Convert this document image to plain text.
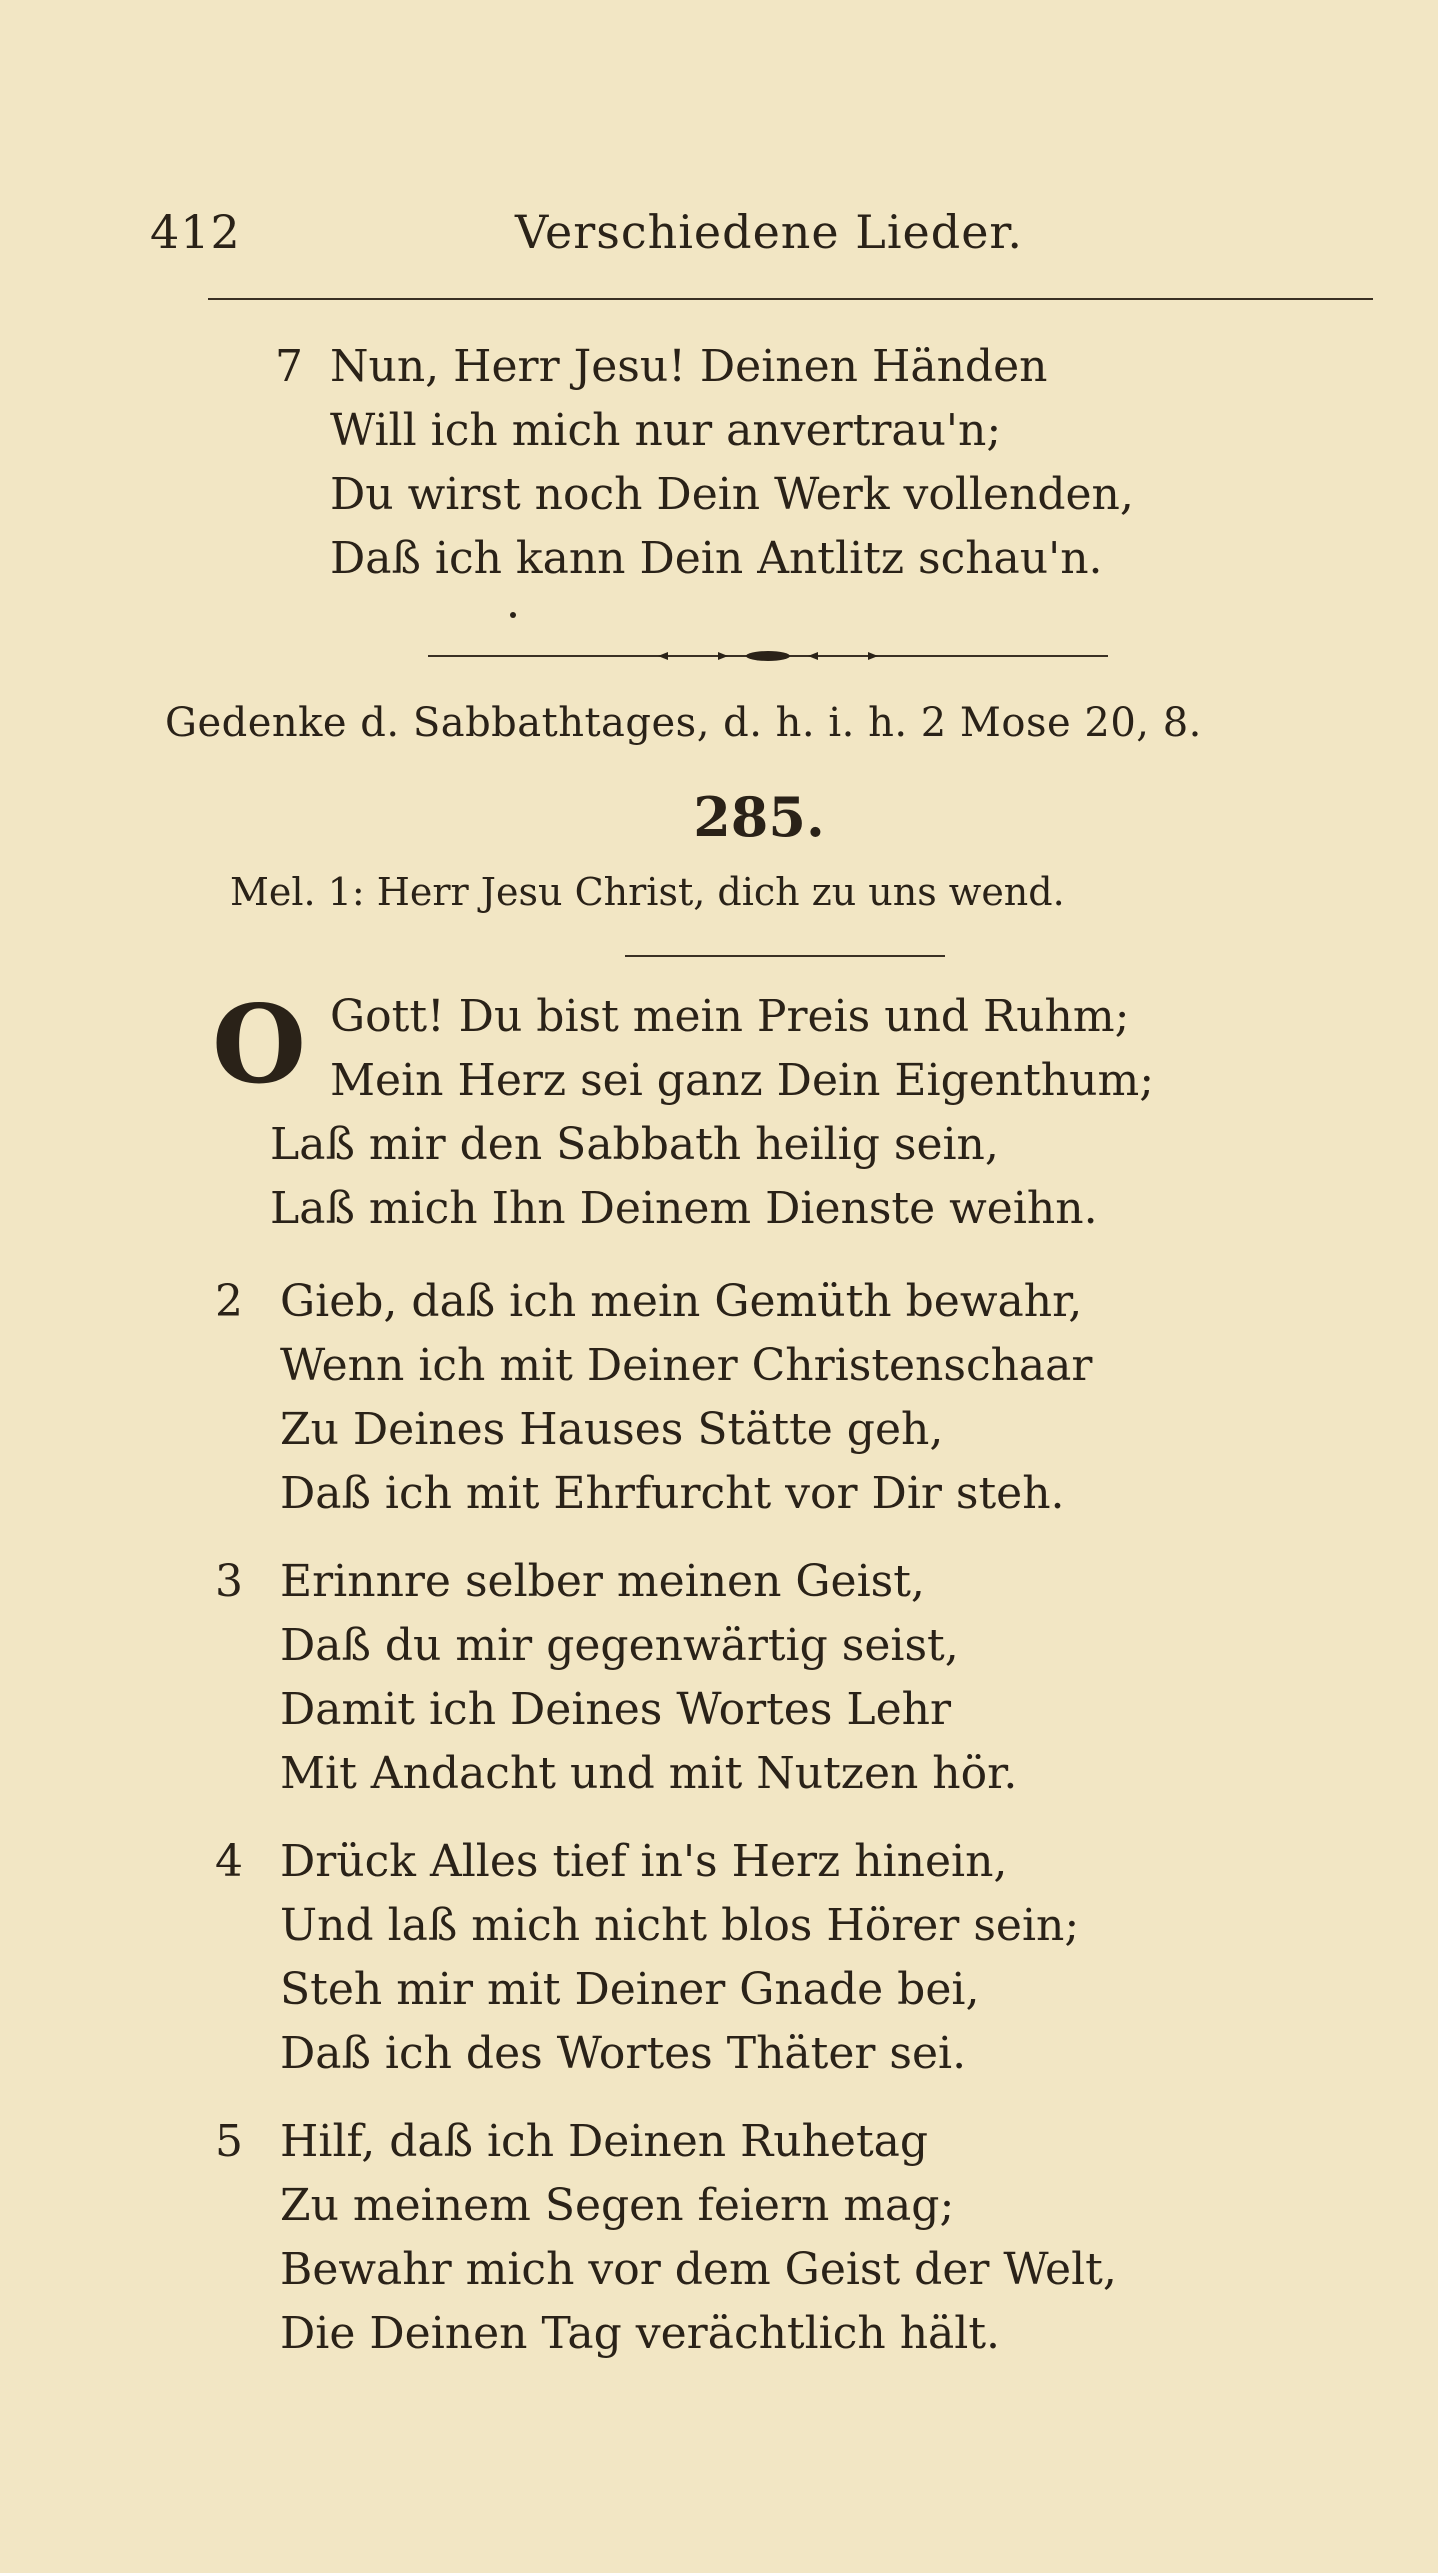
412	Verschiedene Lieder.
7 Nun, Herr Jesu! Deinen Händen
Will ich mich nur anvertrau'n;
Du wirst noch Dein Werk vollenden,
Daß ich kann Dein Antlitz schau'n.
Gedenke d. Sabbathtages, d. h. i. h. 2 Mose 20, 8.
285.
Mel. 1: Herr Jesu Christ, dich zu uns wend.
O Gott! Du bist mein Preis und Ruhm;
Mein Herz sei ganz Dein Eigenthum;
Laß mir den Sabbath heilig sein,
Laß mich Ihn Deinem Dienste weihn.
2 Gieb, daß ich mein Gemüth bewahr,
Wenn ich mit Deiner Christenschaar
Zu Deines Hauses Stätte geh,
Daß ich mit Ehrfurcht vor Dir steh.
3 Erinnre selber meinen Geist,
Daß du mir gegenwärtig seist,
Damit ich Deines Wortes Lehr
Mit Andacht und mit Nutzen hör.
4 Drück Alles tief in's Herz hinein,
Und laß mich nicht blos Hörer sein;
Steh mir mit Deiner Gnade bei,
Daß ich des Wortes Thäter sei.
5 Hilf, daß ich Deinen Ruhetag
Zu meinem Segen feiern mag;
Bewahr mich vor dem Geist der Welt,
Die Deinen Tag verächtlich hält.
